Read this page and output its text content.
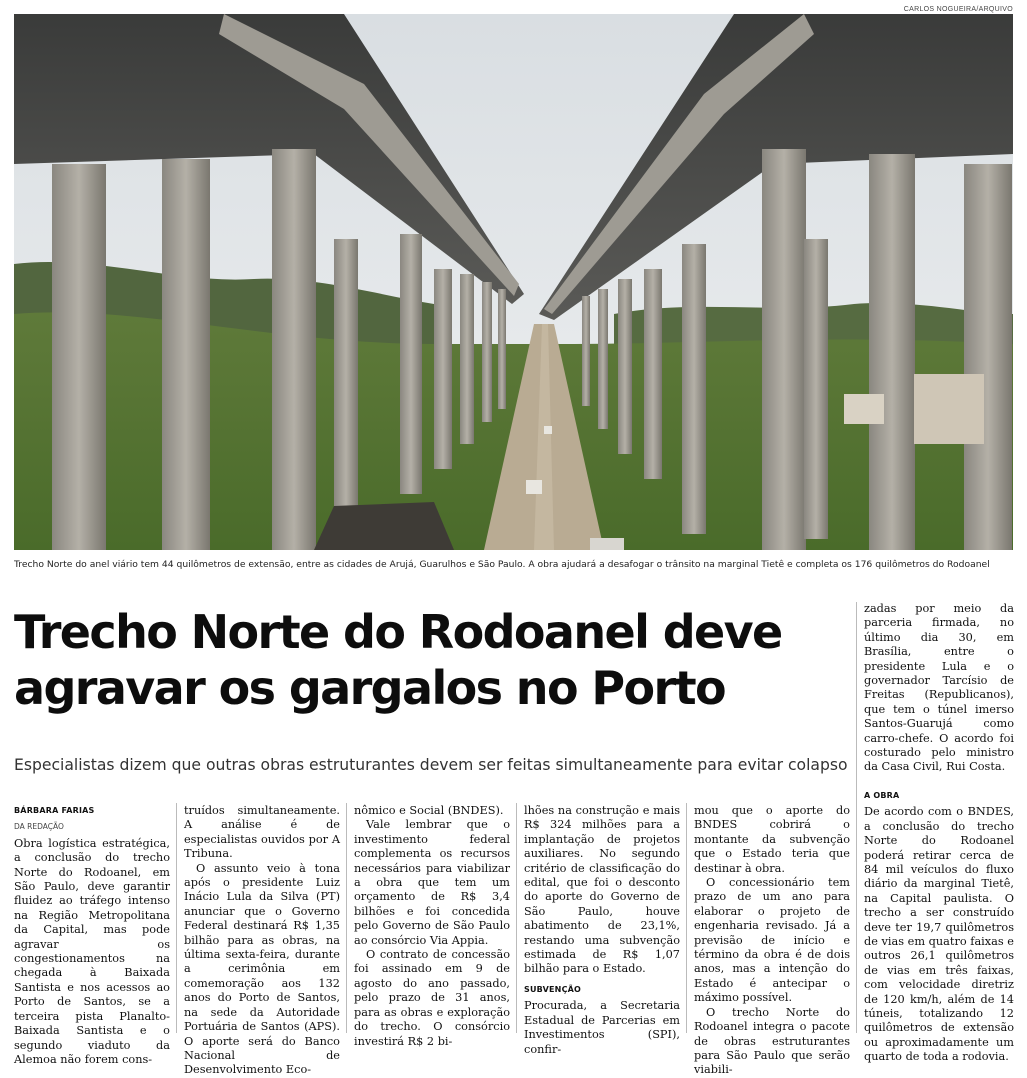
CARLOS NOGUEIRA/ARQUIVO
Trecho Norte do anel viário tem 44 quilômetros de extensão, entre as cidades de Arujá, Guarulhos e São Paulo. A obra ajudará a desafogar o trânsito na marginal Tietê e completa os 176 quilômetros do Rodoanel
Trecho Norte do Rodoanel deve
agravar os gargalos no Porto
Especialistas dizem que outras obras estruturantes devem ser feitas simultaneamente para evitar colapso
BÁRBARA FARIAS
DA REDAÇÃO

Obra logística estratégica, a conclusão do trecho Norte do Rodoanel, em São Paulo, deve garantir fluidez ao tráfego intenso na Região Metropolitana da Capital, mas pode agravar os congestionamentos na chegada à Baixada Santista e nos acessos ao Porto de Santos, se a terceira pista Planalto-Baixada Santista e o segundo viaduto da Alemoa não forem cons-

truídos simultaneamente. A análise é de especialistas ouvidos por A Tribuna.

O assunto veio à tona após o presidente Luiz Inácio Lula da Silva (PT) anunciar que o Governo Federal destinará R$ 1,35 bilhão para as obras, na última sexta-feira, durante a cerimônia em comemoração aos 132 anos do Porto de Santos, na sede da Autoridade Portuária de Santos (APS). O aporte será do Banco Nacional de Desenvolvimento Eco-

nômico e Social (BNDES).

Vale lembrar que o investimento federal complementa os recursos necessários para viabilizar a obra que tem um orçamento de R$ 3,4 bilhões e foi concedida pelo Governo de São Paulo ao consórcio Via Appia.

O contrato de concessão foi assinado em 9 de agosto do ano passado, pelo prazo de 31 anos, para as obras e exploração do trecho. O consórcio investirá R$ 2 bi-

lhões na construção e mais R$ 324 milhões para a implantação de projetos auxiliares. No segundo critério de classificação do edital, que foi o desconto do aporte do Governo de São Paulo, houve abatimento de 23,1%, restando uma subvenção estimada de R$ 1,07 bilhão para o Estado.

SUBVENÇÃO

Procurada, a Secretaria Estadual de Parcerias em Investimentos (SPI), confir-

mou que o aporte do BNDES cobrirá o montante da subvenção que o Estado teria que destinar à obra.

O concessionário tem prazo de um ano para elaborar o projeto de engenharia revisado. Já a previsão de início e término da obra é de dois anos, mas a intenção do Estado é antecipar o máximo possível.

O trecho Norte do Rodoanel integra o pacote de obras estruturantes para São Paulo que serão viabili-

zadas por meio da parceria firmada, no último dia 30, em Brasília, entre o presidente Lula e o governador Tarcísio de Freitas (Republicanos), que tem o túnel imerso Santos-Guarujá como carro-chefe. O acordo foi costurado pelo ministro da Casa Civil, Rui Costa.

A OBRA

De acordo com o BNDES, a conclusão do trecho Norte do Rodoanel poderá retirar cerca de 84 mil veículos do fluxo diário da marginal Tietê, na Capital paulista. O trecho a ser construído deve ter 19,7 quilômetros de vias em quatro faixas e outros 26,1 quilômetros de vias em três faixas, com velocidade diretriz de 120 km/h, além de 14 túneis, totalizando 12 quilômetros de extensão ou aproximadamente um quarto de toda a rodovia.
